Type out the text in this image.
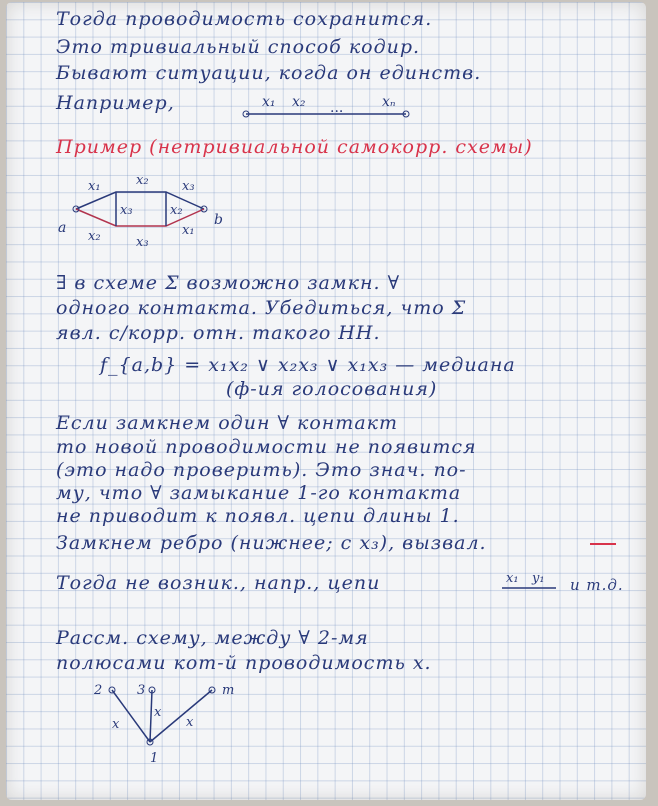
Тогда проводимость сохранится.
Это тривиальный способ кодир.
Бывают ситуации, когда он единств.
Например,	x₁ x₂ ...	xₙ
Пример (нетривиальной самокорр. схемы)
a	b
x₁	x₂	x₃
x₂	x₃
x₁
x₃	x₂
∃ в схеме Σ возможно замкн. ∀
одного контакта. Убедиться, что Σ
явл. с/корр. отн. такого НН.
f_{a,b} = x₁x₂ ∨ x₂x₃ ∨ x₁x₃ — медиана
(ф-ия голосования)
Если замкнем один ∀ контакт
то новой проводимости не появится
(это надо проверить). Это знач. по-
му, что ∀ замыкание 1-го контакта
не приводит к появл. цепи длины 1.
Замкнем ребро (нижнее; с x₃), вызвал.
Тогда не возник., напр., цепи	x₁ y₁ и т.д.
Рассм. схему, между ∀ 2-мя
полюсами кот-й проводимость x.
2	3	т
1
x
x
x
